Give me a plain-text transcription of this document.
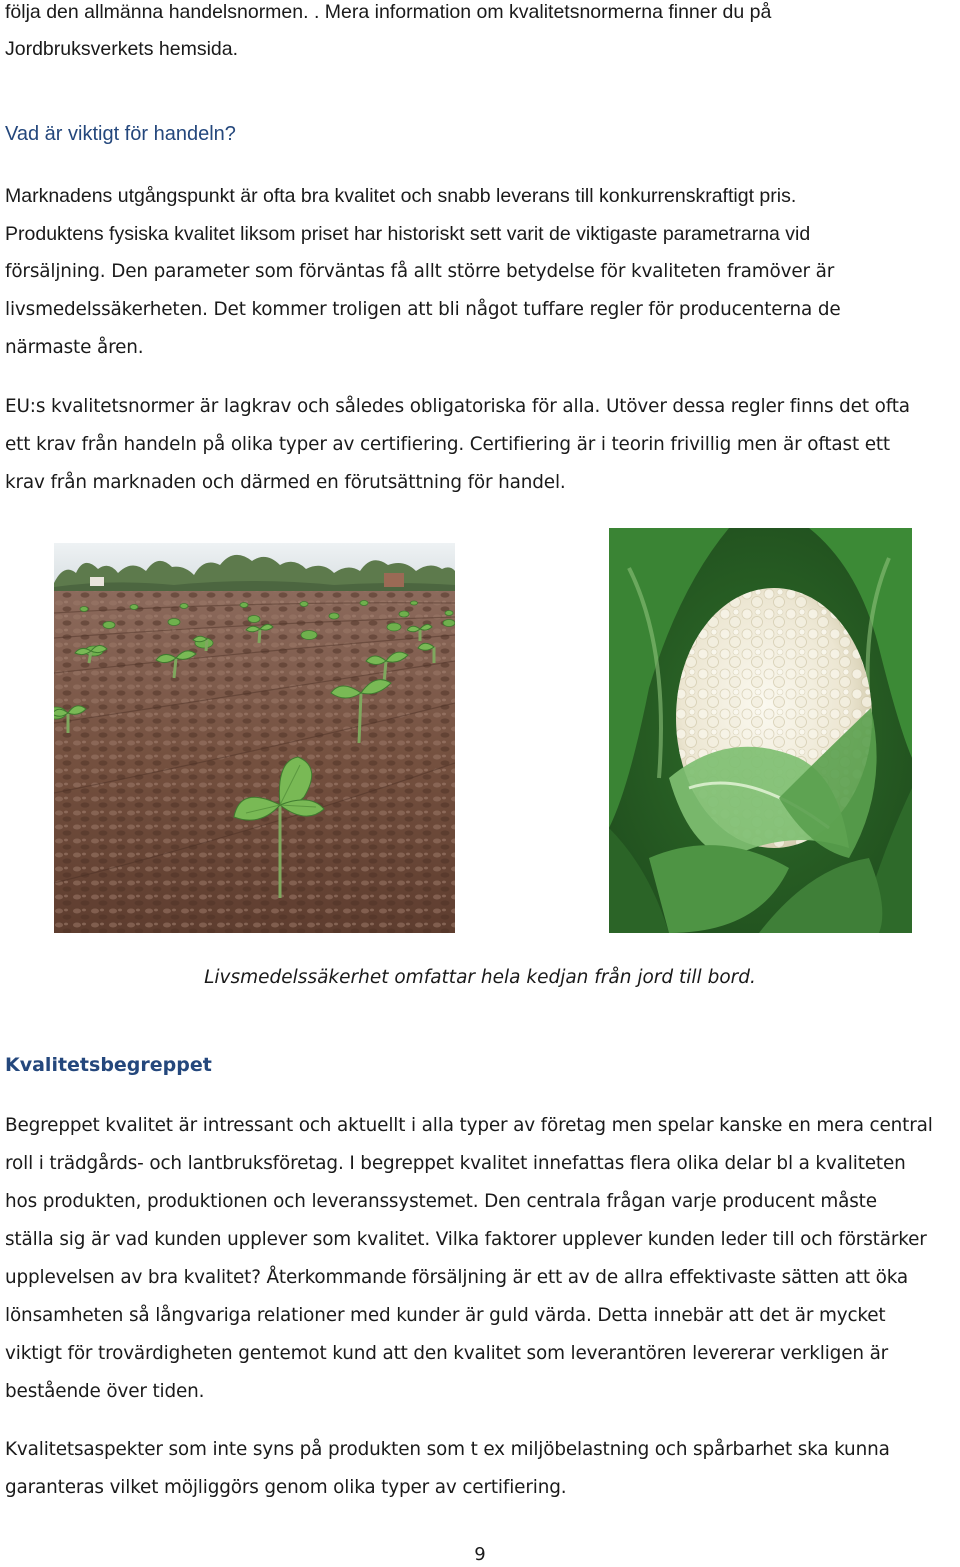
följa den allmänna handelsnormen. . Mera information om kvalitetsnormerna finner du på
Jordbruksverkets hemsida.
Vad är viktigt för handeln?
Marknadens utgångspunkt är ofta bra kvalitet och snabb leverans till konkurrenskraftigt pris.
Produktens fysiska kvalitet liksom priset har historiskt sett varit de viktigaste parametrarna vid
försäljning. Den parameter som förväntas få allt större betydelse för kvaliteten framöver är
livsmedelssäkerheten. Det kommer troligen att bli något tuffare regler för producenterna de
närmaste åren.
EU:s kvalitetsnormer är lagkrav och således obligatoriska för alla. Utöver dessa regler finns det ofta
ett krav från handeln på olika typer av certifiering. Certifiering är i teorin frivillig men är oftast ett
krav från marknaden och därmed en förutsättning för handel.
Livsmedelssäkerhet omfattar hela kedjan från jord till bord.
Kvalitetsbegreppet
Begreppet kvalitet är intressant och aktuellt i alla typer av företag men spelar kanske en mera central
roll i trädgårds- och lantbruksföretag. I begreppet kvalitet innefattas flera olika delar bl a kvaliteten
hos produkten, produktionen och leveranssystemet. Den centrala frågan varje producent måste
ställa sig är vad kunden upplever som kvalitet. Vilka faktorer upplever kunden leder till och förstärker
upplevelsen av bra kvalitet? Återkommande försäljning är ett av de allra effektivaste sätten att öka
lönsamheten så långvariga relationer med kunder är guld värda. Detta innebär att det är mycket
viktigt för trovärdigheten gentemot kund att den kvalitet som leverantören levererar verkligen är
bestående över tiden.
Kvalitetsaspekter som inte syns på produkten som t ex miljöbelastning och spårbarhet ska kunna
garanteras vilket möjliggörs genom olika typer av certifiering.
9
